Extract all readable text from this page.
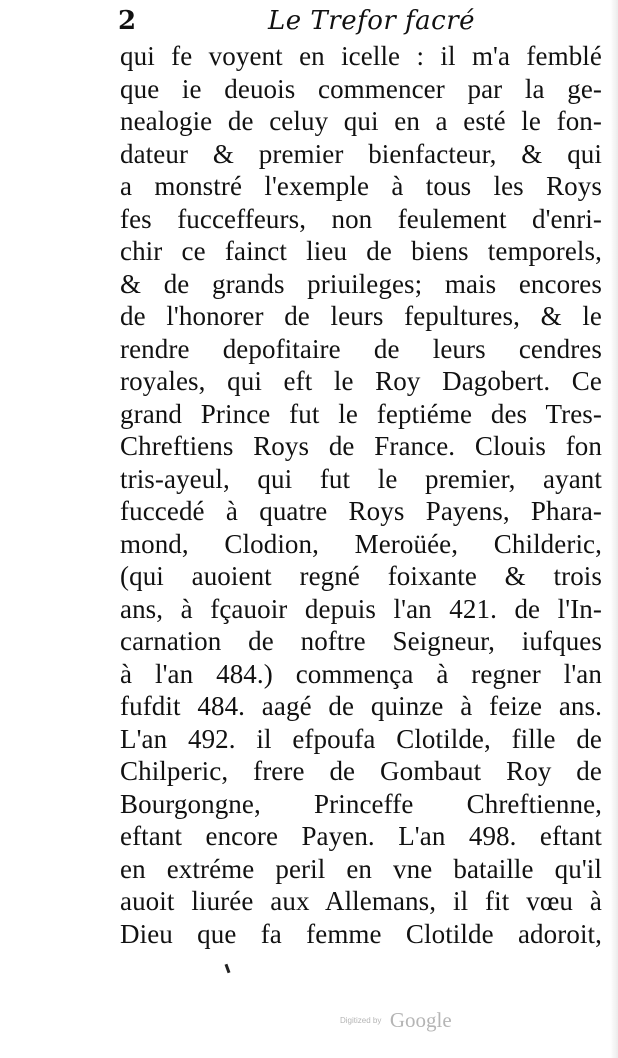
2	Le Trefor facré
qui fe voyent en icelle : il m'a femblé
que ie deuois commencer par la ge-
nealogie de celuy qui en a esté le fon-
dateur & premier bienfacteur, & qui
a monstré l'exemple à tous les Roys
fes fucceffeurs, non feulement d'enri-
chir ce fainct lieu de biens temporels,
& de grands priuileges; mais encores
de l'honorer de leurs fepultures, & le
rendre depofitaire de leurs cendres
royales, qui eft le Roy Dagobert. Ce
grand Prince fut le feptiéme des Tres-
Chreftiens Roys de France. Clouis fon
tris-ayeul, qui fut le premier, ayant
fuccedé à quatre Roys Payens, Phara-
mond, Clodion, Meroüée, Childeric,
(qui auoient regné foixante & trois
ans, à fçauoir depuis l'an 421. de l'In-
carnation de noftre Seigneur, iufques
à l'an 484.) commença à regner l'an
fufdit 484. aagé de quinze à feize ans.
L'an 492. il efpoufa Clotilde, fille de
Chilperic, frere de Gombaut Roy de
Bourgongne, Princeffe Chreftienne,
eftant encore Payen. L'an 498. eftant
en extréme peril en vne bataille qu'il
auoit liurée aux Allemans, il fit vœu à
Dieu que fa femme Clotilde adoroit,
Digitized by Google
